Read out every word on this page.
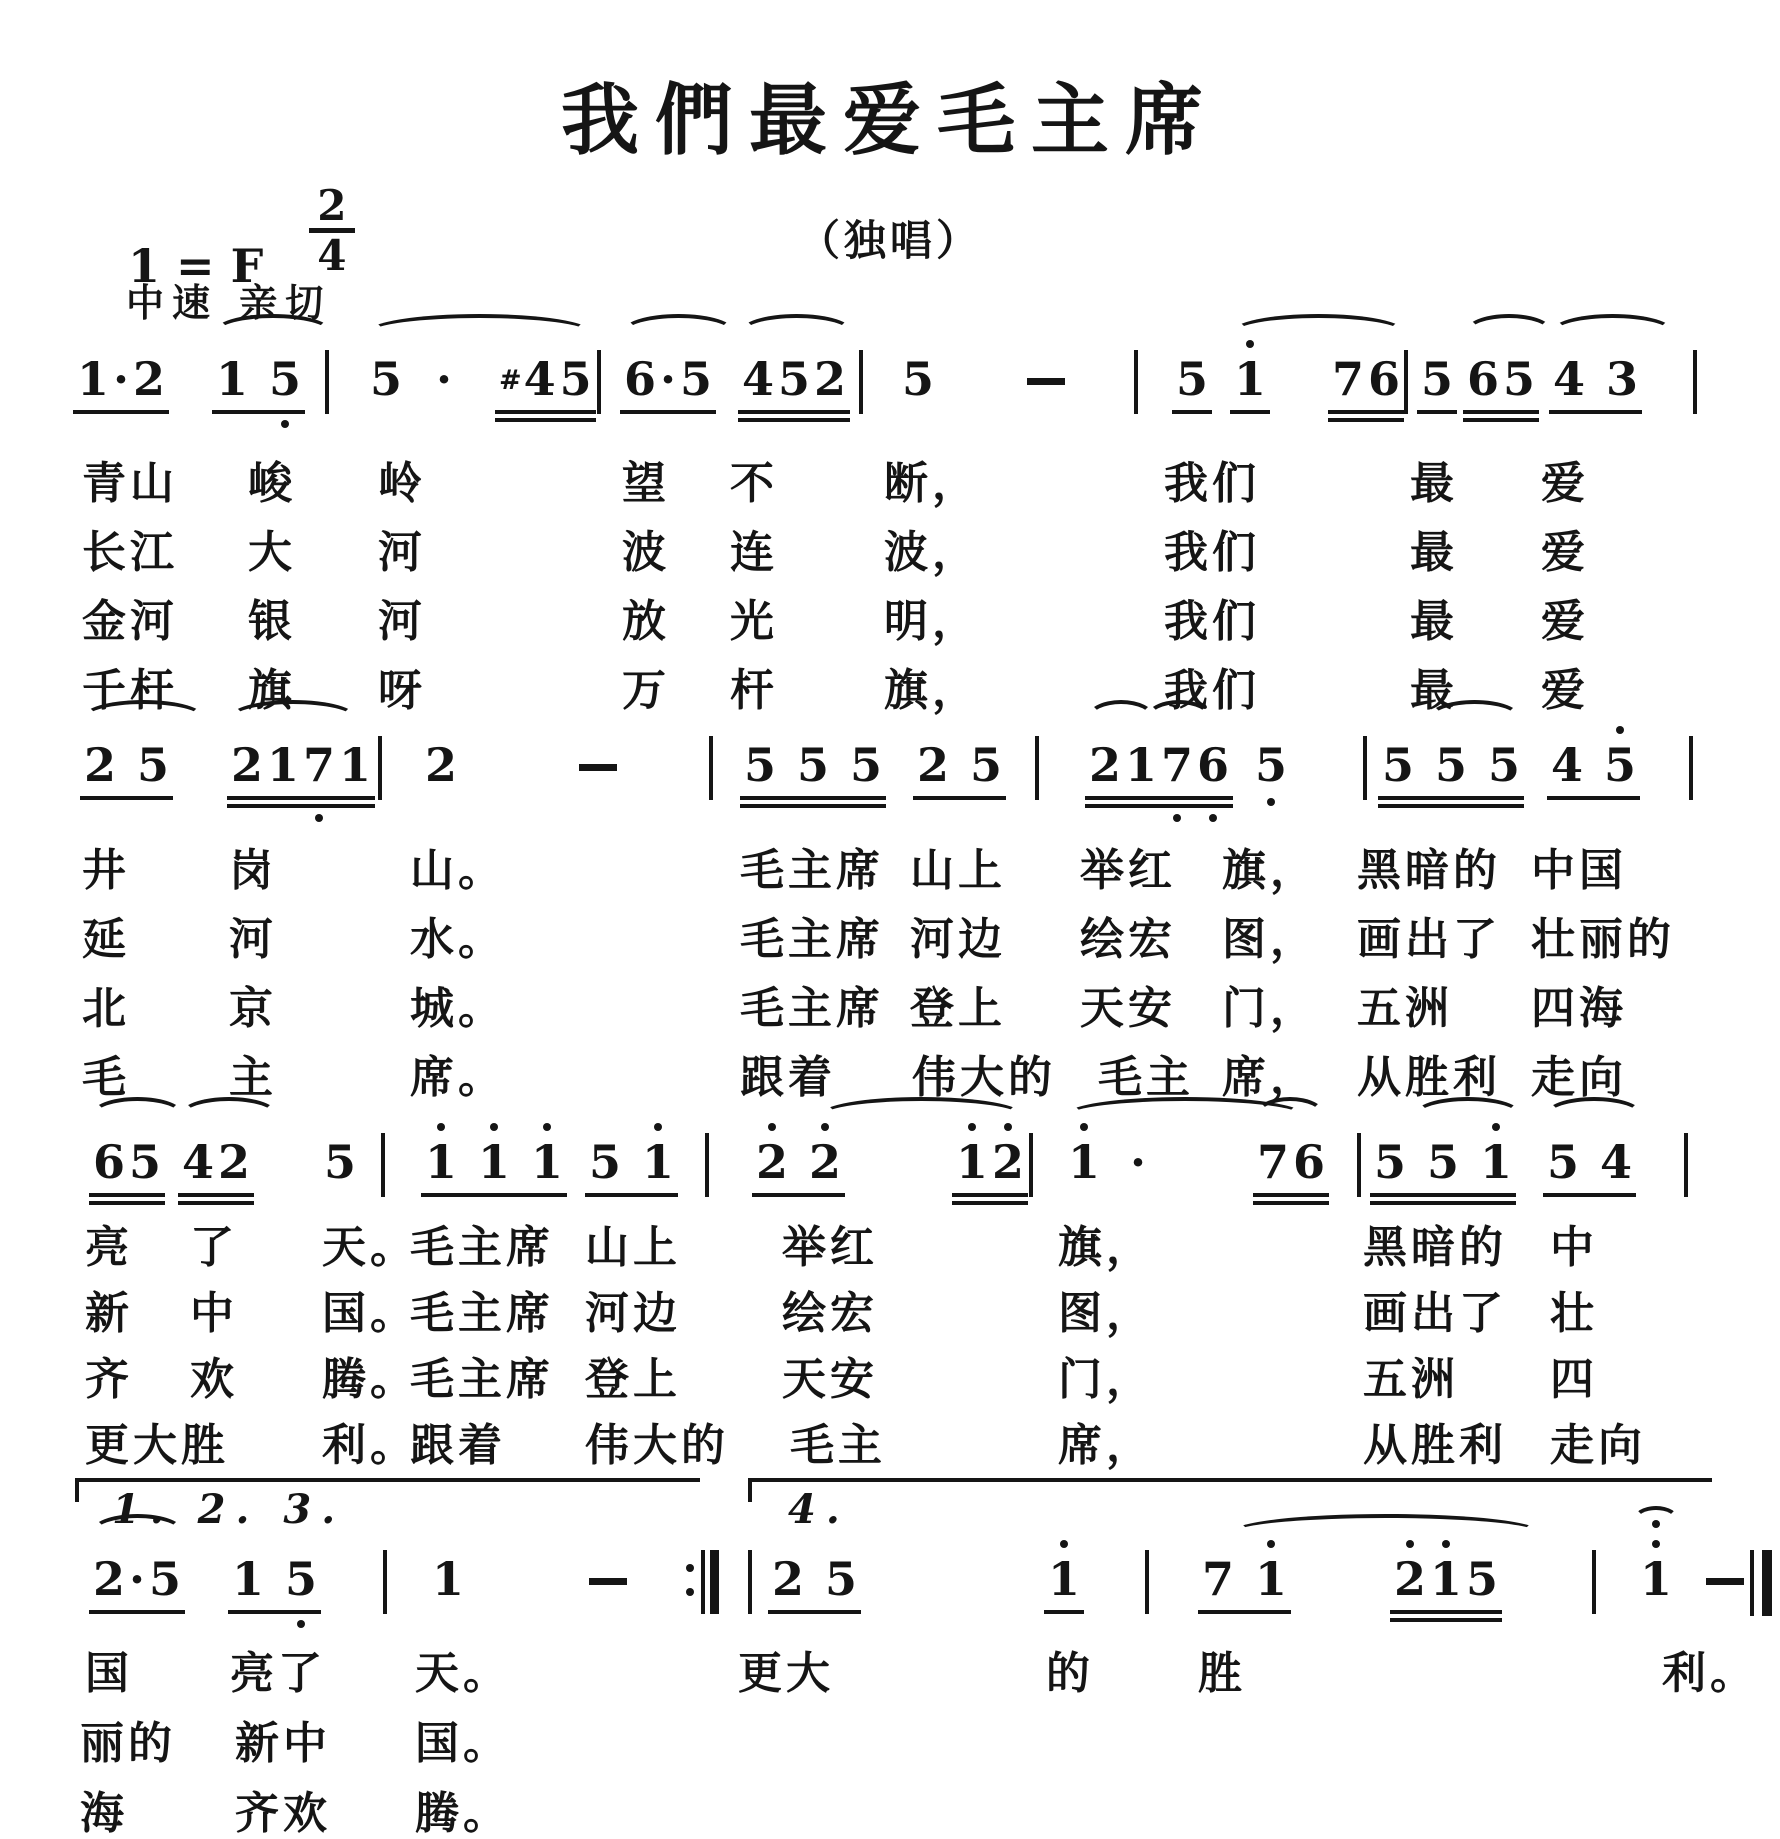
我們最爱毛主席
（独唱）
1 = F $\frac{2}{4}$
中速 亲切
1 · 2 1 5 5 · # 4 5 6 · 5 4 5 2 5	5 1 7 6 5 6 5 4 3
2 5 2 1 7 1 2	5 5 5 2 5 2 1 7 6 5 5 5 5 4 5
6 5 4 2 5 1 1 1 5 1 2 2 1 2 1 · 7 6 5 5 1 5 4
2 · 5 1 5 1	2 5	1	7 1 2 1 5	1
青山 峻 岭	望 不 断，	我们	最 爱
长江 大 河	波 连 波，	我们	最 爱
金河 银 河	放 光 明，	我们	最 爱
千杆 旗 呀	万 杆 旗，	我们	最 爱
井 岗	山。	毛主席 山上 举红 旗， 黑暗的 中国
延 河	水。	毛主席 河边 绘宏 图， 画出了 壮丽的
北 京	城。	毛主席 登上 天安 门， 五洲 四海
毛 主	席。	跟着 伟大的 毛主 席， 从胜利 走向
亮 了 天。
毛主席 山上 举红	旗，	黑暗的 中
新 中 国。
毛主席 河边 绘宏	图，	画出了 壮
齐 欢 腾。
毛主席 登上 天安	门，	五洲 四
更大胜 利。
跟着 伟大的 毛主	席，	从胜利 走向
国 亮了 天。	更大	的 胜	利。
丽的 新中 国。
海 齐欢 腾。
1. 2. 3.	4.
